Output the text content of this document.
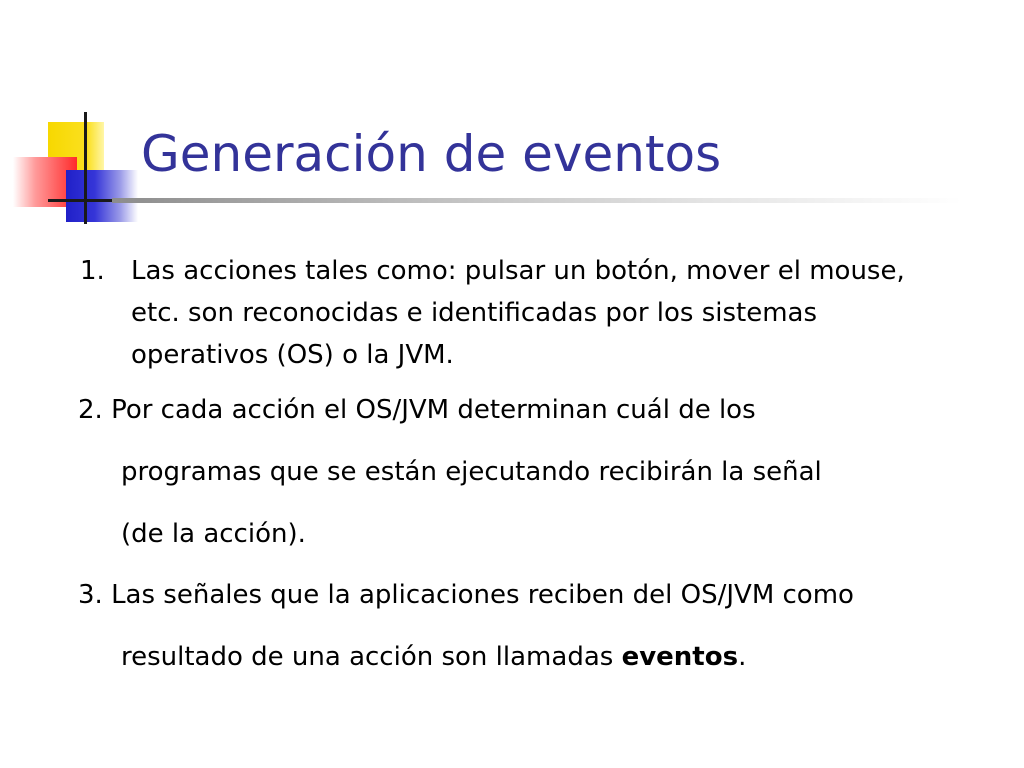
Generación de eventos
1. Las acciones tales como: pulsar un botón, mover el mouse, etc. son reconocidas e identificadas por los sistemas operativos (OS) o la JVM.
2. Por cada acción el OS/JVM determinan cuál de los
programas que se están ejecutando recibirán la señal
(de la acción).
3. Las señales que la aplicaciones reciben del OS/JVM como
resultado de una acción son llamadas eventos.
